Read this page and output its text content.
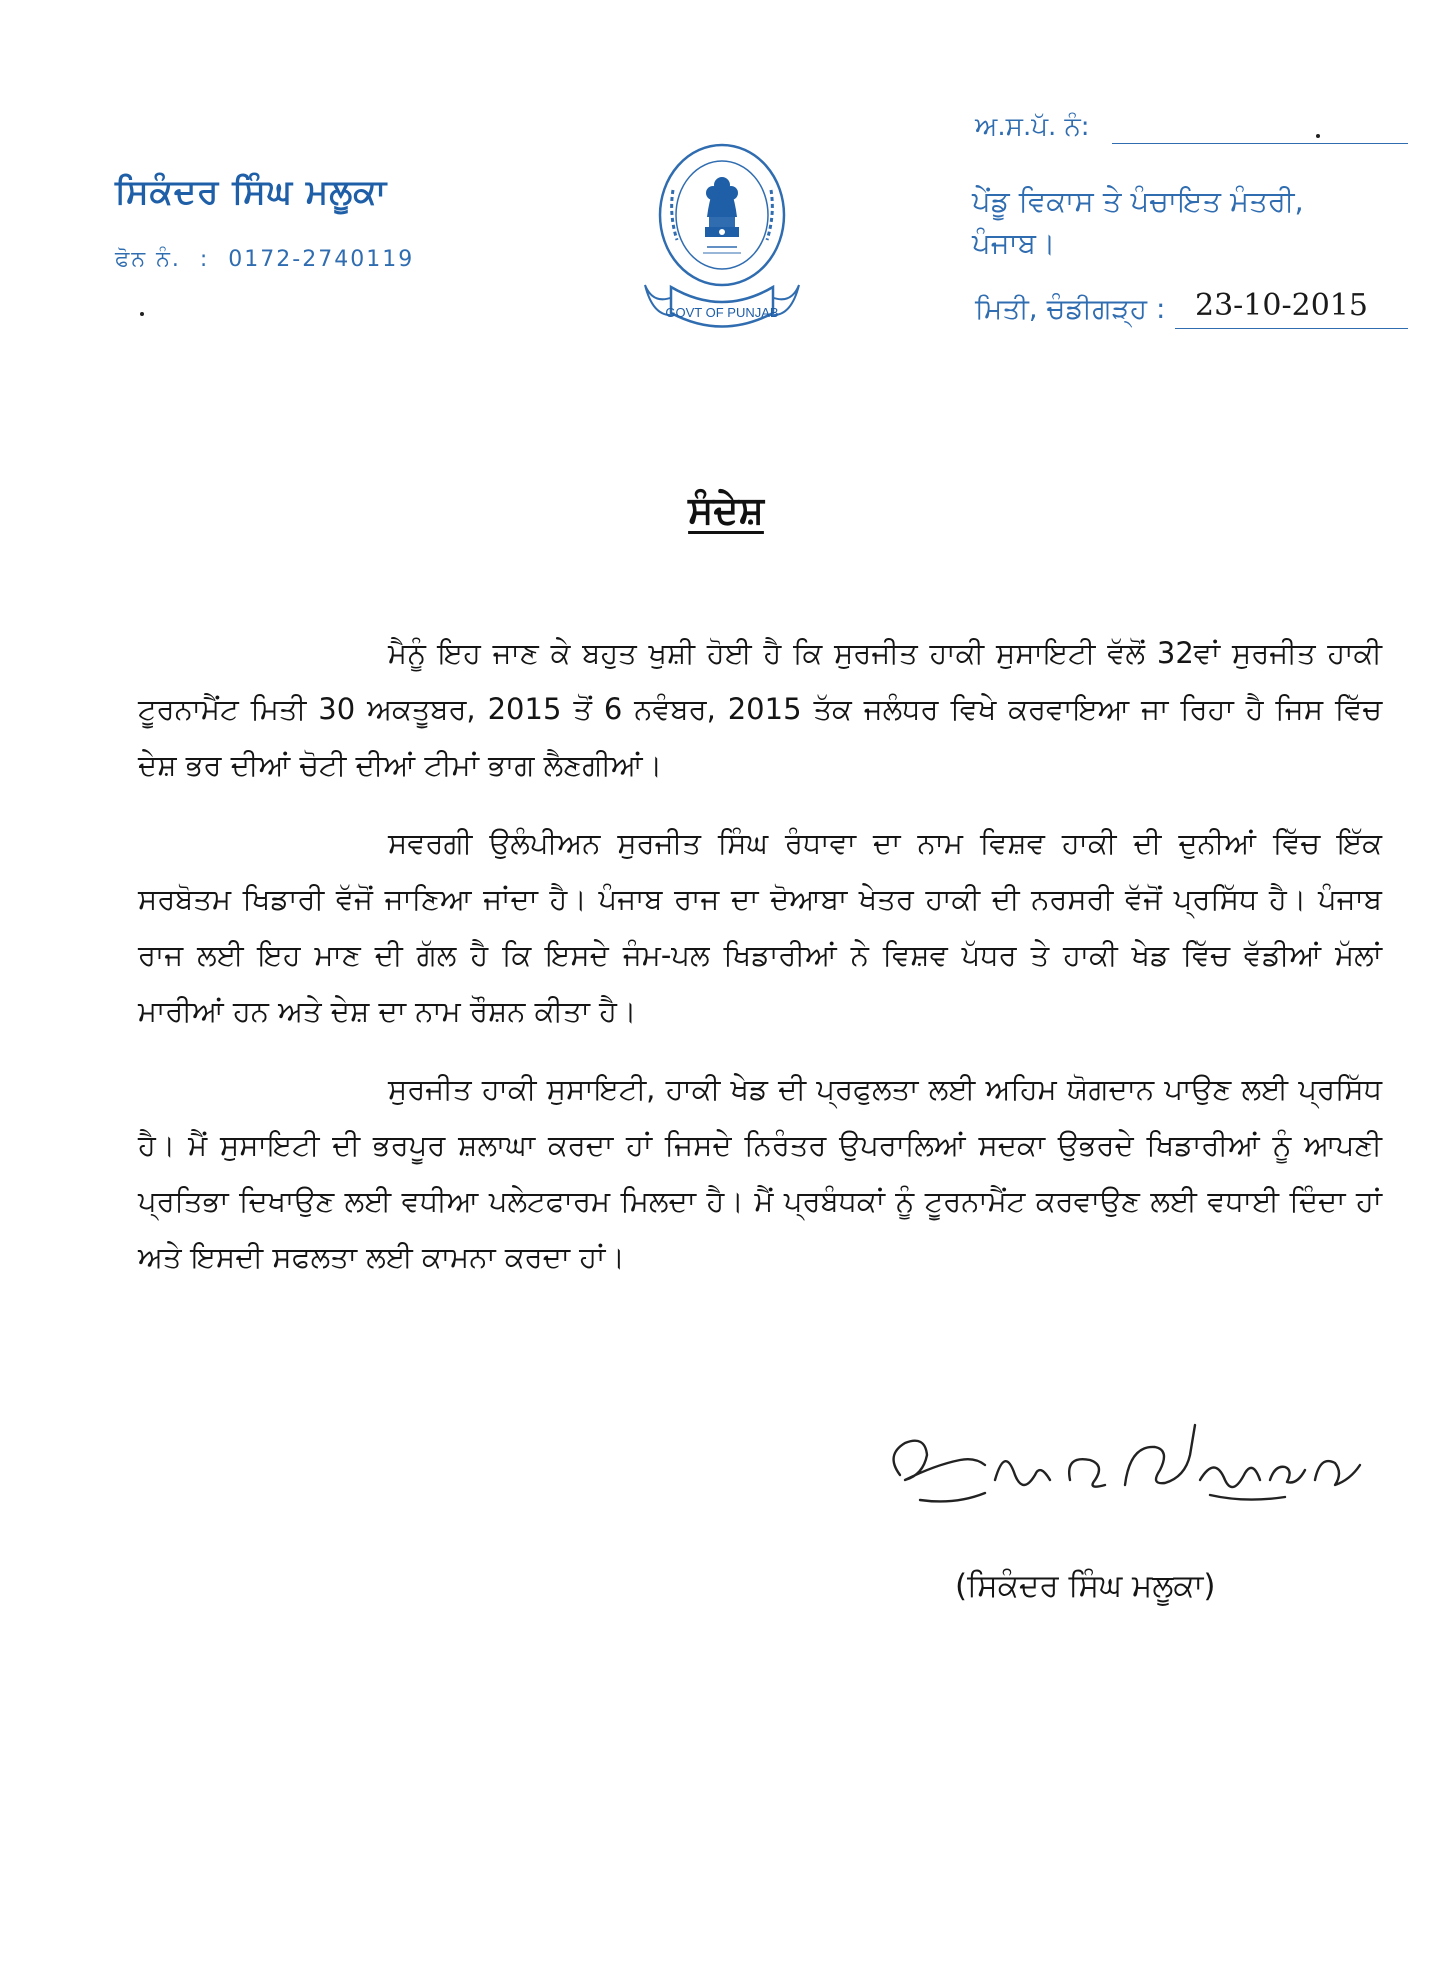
ਸਿਕੰਦਰ ਸਿੰਘ ਮਲੂਕਾ
ਫੋਨ ਨੰ. : 0172-2740119
GOVT OF PUNJAB
ਅ.ਸ.ਪੱ. ਨੰ:
ਪੇਂਡੂ ਵਿਕਾਸ ਤੇ ਪੰਚਾਇਤ ਮੰਤਰੀ,
ਪੰਜਾਬ।
ਮਿਤੀ, ਚੰਡੀਗੜ੍ਹ : 23-10-2015
ਸੰਦੇਸ਼

ਮੈਨੂੰ ਇਹ ਜਾਣ ਕੇ ਬਹੁਤ ਖੁਸ਼ੀ ਹੋਈ ਹੈ ਕਿ ਸੁਰਜੀਤ ਹਾਕੀ ਸੁਸਾਇਟੀ ਵੱਲੋਂ 32ਵਾਂ ਸੁਰਜੀਤ ਹਾਕੀ ਟੂਰਨਾਮੈਂਟ ਮਿਤੀ 30 ਅਕਤੂਬਰ, 2015 ਤੋਂ 6 ਨਵੰਬਰ, 2015 ਤੱਕ ਜਲੰਧਰ ਵਿਖੇ ਕਰਵਾਇਆ ਜਾ ਰਿਹਾ ਹੈ ਜਿਸ ਵਿੱਚ ਦੇਸ਼ ਭਰ ਦੀਆਂ ਚੋਟੀ ਦੀਆਂ ਟੀਮਾਂ ਭਾਗ ਲੈਣਗੀਆਂ।

ਸਵਰਗੀ ਉਲੰਪੀਅਨ ਸੁਰਜੀਤ ਸਿੰਘ ਰੰਧਾਵਾ ਦਾ ਨਾਮ ਵਿਸ਼ਵ ਹਾਕੀ ਦੀ ਦੁਨੀਆਂ ਵਿੱਚ ਇੱਕ ਸਰਬੋਤਮ ਖਿਡਾਰੀ ਵੱਜੋਂ ਜਾਣਿਆ ਜਾਂਦਾ ਹੈ। ਪੰਜਾਬ ਰਾਜ ਦਾ ਦੋਆਬਾ ਖੇਤਰ ਹਾਕੀ ਦੀ ਨਰਸਰੀ ਵੱਜੋਂ ਪ੍ਰਸਿੱਧ ਹੈ। ਪੰਜਾਬ ਰਾਜ ਲਈ ਇਹ ਮਾਣ ਦੀ ਗੱਲ ਹੈ ਕਿ ਇਸਦੇ ਜੰਮ-ਪਲ ਖਿਡਾਰੀਆਂ ਨੇ ਵਿਸ਼ਵ ਪੱਧਰ ਤੇ ਹਾਕੀ ਖੇਡ ਵਿੱਚ ਵੱਡੀਆਂ ਮੱਲਾਂ ਮਾਰੀਆਂ ਹਨ ਅਤੇ ਦੇਸ਼ ਦਾ ਨਾਮ ਰੌਸ਼ਨ ਕੀਤਾ ਹੈ।

ਸੁਰਜੀਤ ਹਾਕੀ ਸੁਸਾਇਟੀ, ਹਾਕੀ ਖੇਡ ਦੀ ਪ੍ਰਫੁਲਤਾ ਲਈ ਅਹਿਮ ਯੋਗਦਾਨ ਪਾਉਣ ਲਈ ਪ੍ਰਸਿੱਧ ਹੈ। ਮੈਂ ਸੁਸਾਇਟੀ ਦੀ ਭਰਪੂਰ ਸ਼ਲਾਘਾ ਕਰਦਾ ਹਾਂ ਜਿਸਦੇ ਨਿਰੰਤਰ ਉਪਰਾਲਿਆਂ ਸਦਕਾ ਉਭਰਦੇ ਖਿਡਾਰੀਆਂ ਨੂੰ ਆਪਣੀ ਪ੍ਰਤਿਭਾ ਦਿਖਾਉਣ ਲਈ ਵਧੀਆ ਪਲੇਟਫਾਰਮ ਮਿਲਦਾ ਹੈ। ਮੈਂ ਪ੍ਰਬੰਧਕਾਂ ਨੂੰ ਟੂਰਨਾਮੈਂਟ ਕਰਵਾਉਣ ਲਈ ਵਧਾਈ ਦਿੰਦਾ ਹਾਂ ਅਤੇ ਇਸਦੀ ਸਫਲਤਾ ਲਈ ਕਾਮਨਾ ਕਰਦਾ ਹਾਂ।

(ਸਿਕੰਦਰ ਸਿੰਘ ਮਲੂਕਾ)
